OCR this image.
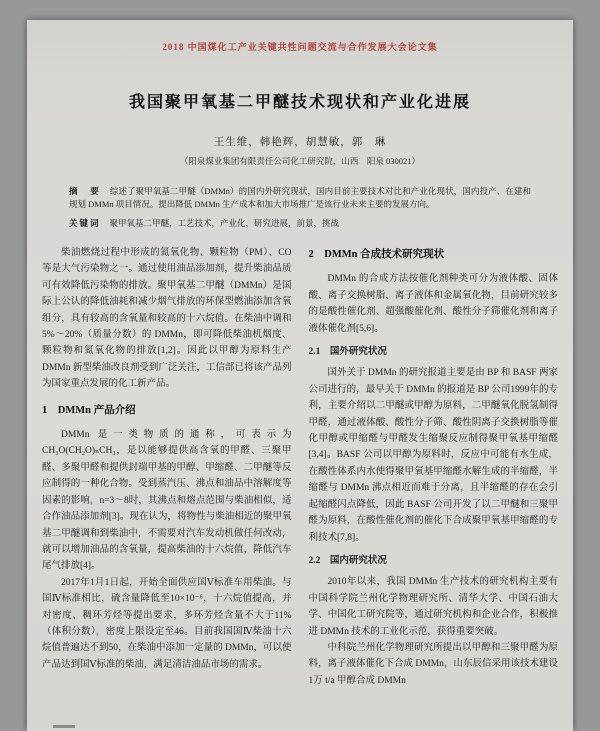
2018 中国煤化工产业关键共性问题交流与合作发展大会论文集
我国聚甲氧基二甲醚技术现状和产业化进展
王生维，韩艳辉，胡慧敏，郭　琳
（阳泉煤业集团有限责任公司化工研究院，山西　阳泉 030021）
摘　要 综述了聚甲氧基二甲醚（DMMn）的国内外研究现状，国内目前主要技术对比和产业化现状，国内投产、在建和规划 DMMn 项目情况。提出降低 DMMn 生产成本和加大市场推广是该行业未来主要的发展方向。
关键词 聚甲氧基二甲醚，工艺技术，产业化，研究进展，前景，挑战

柴油燃烧过程中形成的氮氧化物、颗粒物（PM）、CO等是大气污染物之一。通过使用油品添加剂，提升柴油品质可有效降低污染物的排放。聚甲氧基二甲醚（DMMn）是国际上公认的降低油耗和减少烟气排放的环保型燃油添加含氧组分，具有较高的含氧量和较高的十六烷值。在柴油中调和5%～20%（质量分数）的 DMMn，即可降低柴油机烟度、颗粒物和氮氧化物的排放[1,2]。因此以甲醇为原料生产 DMMn 新型柴油改良剂受到广泛关注，工信部已将该产品列为国家重点发展的化工新产品。

1　DMMn 产品介绍

DMMn 是一类物质的通称，可表示为 CH₃O(CH₂O)ₙCH₃，是以能够提供高含氧的甲醛、三聚甲醛、多聚甲醛和提供封端甲基的甲醇、甲缩醛、二甲醚等反应制得的一种化合物。受到蒸汽压、沸点和油品中溶解度等因素的影响，n=3～8时，其沸点和熔点范围与柴油相似，适合作油品添加剂[3]。现在认为，将物性与柴油相近的聚甲氧基二甲醚调和到柴油中，不需要对汽车发动机做任何改动，就可以增加油品的含氧量，提高柴油的十六烷值，降低汽车尾气排放[4]。

2017年1月1日起，开始全面供应国Ⅴ标准车用柴油。与国Ⅳ标准相比，硫含量降低至10×10⁻⁶，十六烷值提高，并对密度、稠环芳烃等提出要求，多环芳烃含量不大于11%（体积分数），密度上限设定至46。目前我国国Ⅳ柴油十六烷值普遍达不到50，在柴油中添加一定量的 DMMn，可以使产品达到国Ⅴ标准的柴油，满足清洁油品市场的需求。

2　DMMn 合成技术研究现状

DMMn 的合成方法按催化剂种类可分为液体酸、固体酸、离子交换树脂、离子液体和金属氧化物，目前研究较多的是酸性催化剂、超强酸催化剂、酸性分子筛催化剂和离子液体催化剂[5,6]。

2.1　国外研究状况

国外关于 DMMn 的研究报道主要是由 BP 和 BASF 两家公司进行的，最早关于 DMMn 的报道是 BP 公司1999年的专利，主要介绍以二甲醚或甲醇为原料，二甲醚氧化脱氢制得甲醛，通过液体酸、酸性分子筛、酸性阴离子交换树脂等催化甲醇或甲缩醛与甲醛发生缩聚反应制得聚甲氧基甲缩醛[3,4]。BASF 公司以甲醇为原料时，反应中可能有水生成，在酸性体系内水使得聚甲氧基甲缩醛水解生成的半缩醛，半缩醛与 DMMn 沸点相近而难于分离，且半缩醛的存在会引起缩醛闪点降低，因此 BASF 公司开发了以二甲醚和三聚甲醛为原料，在酸性催化剂的催化下合成聚甲氧基甲缩醛的专利技术[7,8]。

2.2　国内研究状况

2010年以来，我国 DMMn 生产技术的研究机构主要有中国科学院兰州化学物理研究所、清华大学、中国石油大学、中国化工研究院等，通过研究机构和企业合作，积极推进 DMMn 技术的工业化示范，获得重要突破。

中科院兰州化学物理研究所提出以甲醇和三聚甲醛为原料，离子液体催化下合成 DMMn，山东辰信采用该技术建设1万 t/a 甲醇合成 DMMn
